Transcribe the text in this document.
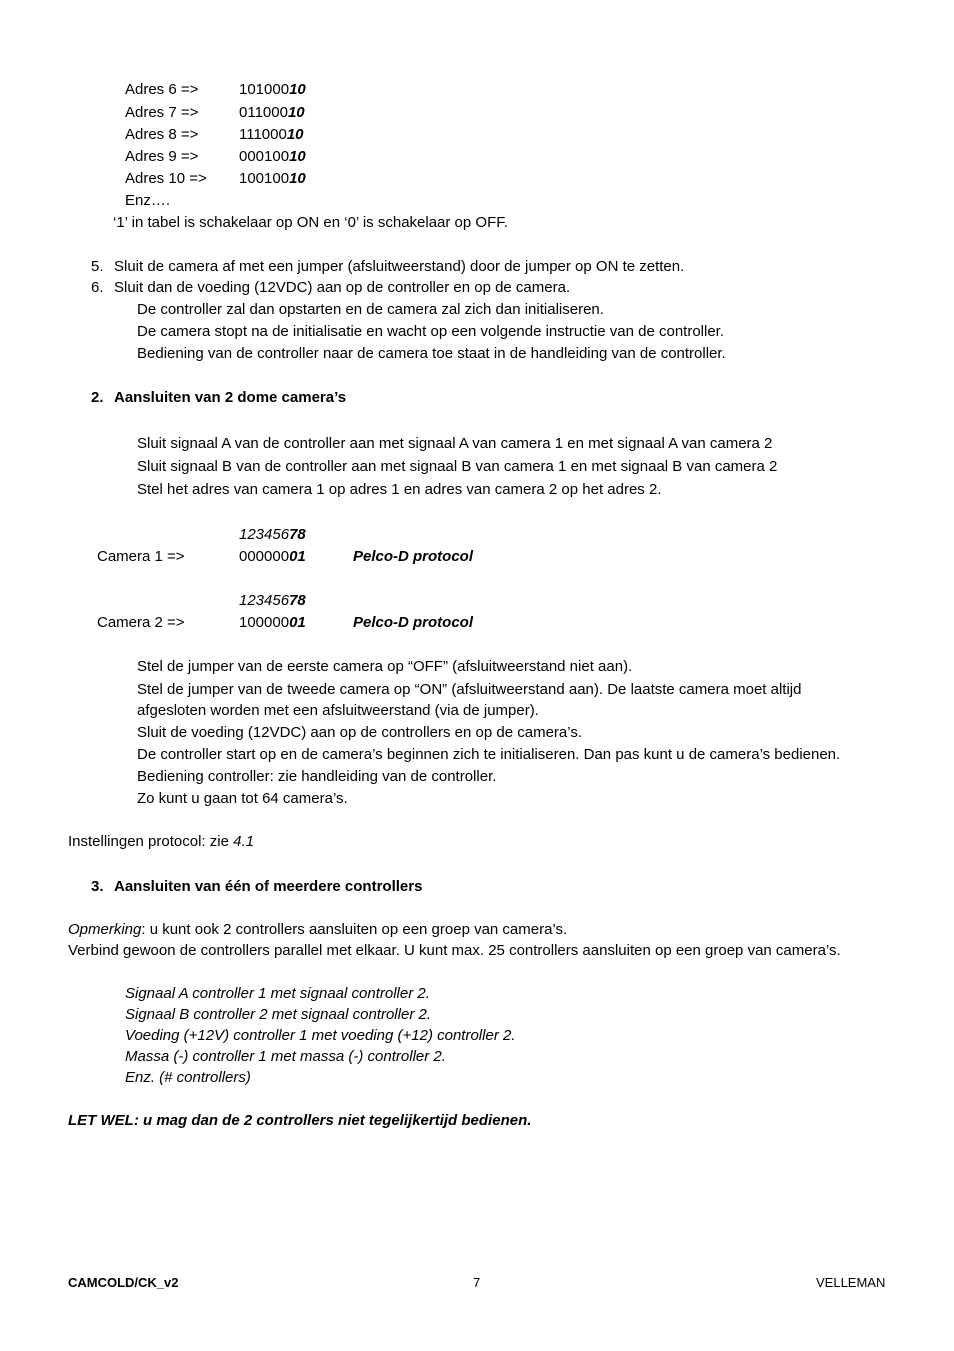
Adres 6 =>	10100010
Adres 7 =>	01100010
Adres 8 =>	11100010
Adres 9 =>	00010010
Adres 10 => 10010010
Enz….
‘1’ in tabel is schakelaar op ON en ‘0’ is schakelaar op OFF.
5. Sluit de camera af met een jumper (afsluitweerstand) door de jumper op ON te zetten.
6. Sluit dan de voeding (12VDC) aan op de controller en op de camera.
De controller zal dan opstarten en de camera zal zich dan initialiseren.
De camera stopt na de initialisatie en wacht op een volgende instructie van de controller.
Bediening van de controller naar de camera toe staat in de handleiding van de controller.
2. Aansluiten van 2 dome camera’s
Sluit signaal A van de controller aan met signaal A van camera 1 en met signaal A van camera 2
Sluit signaal B van de controller aan met signaal B van camera 1 en met signaal B van camera 2
Stel het adres van camera 1 op adres 1 en adres van camera 2 op het adres 2.
12345678
Camera 1 =>	00000001	Pelco-D protocol
12345678
Camera 2 =>	10000001	Pelco-D protocol
Stel de jumper van de eerste camera op “OFF” (afsluitweerstand niet aan).
Stel de jumper van de tweede camera op “ON” (afsluitweerstand aan). De laatste camera moet altijd
afgesloten worden met een afsluitweerstand (via de jumper).
Sluit de voeding (12VDC) aan op de controllers en op de camera’s.
De controller start op en de camera’s beginnen zich te initialiseren. Dan pas kunt u de camera’s bedienen.
Bediening controller: zie handleiding van de controller.
Zo kunt u gaan tot 64 camera’s.
Instellingen protocol: zie 4.1
3. Aansluiten van één of meerdere controllers
Opmerking: u kunt ook 2 controllers aansluiten op een groep van camera’s.
Verbind gewoon de controllers parallel met elkaar. U kunt max. 25 controllers aansluiten op een groep van camera’s.
Signaal A controller 1 met signaal controller 2.
Signaal B controller 2 met signaal controller 2.
Voeding (+12V) controller 1 met voeding (+12) controller 2.
Massa (-) controller 1 met massa (-) controller 2.
Enz. (# controllers)
LET WEL: u mag dan de 2 controllers niet tegelijkertijd bedienen.
CAMCOLD/CK_v2	7	VELLEMAN
